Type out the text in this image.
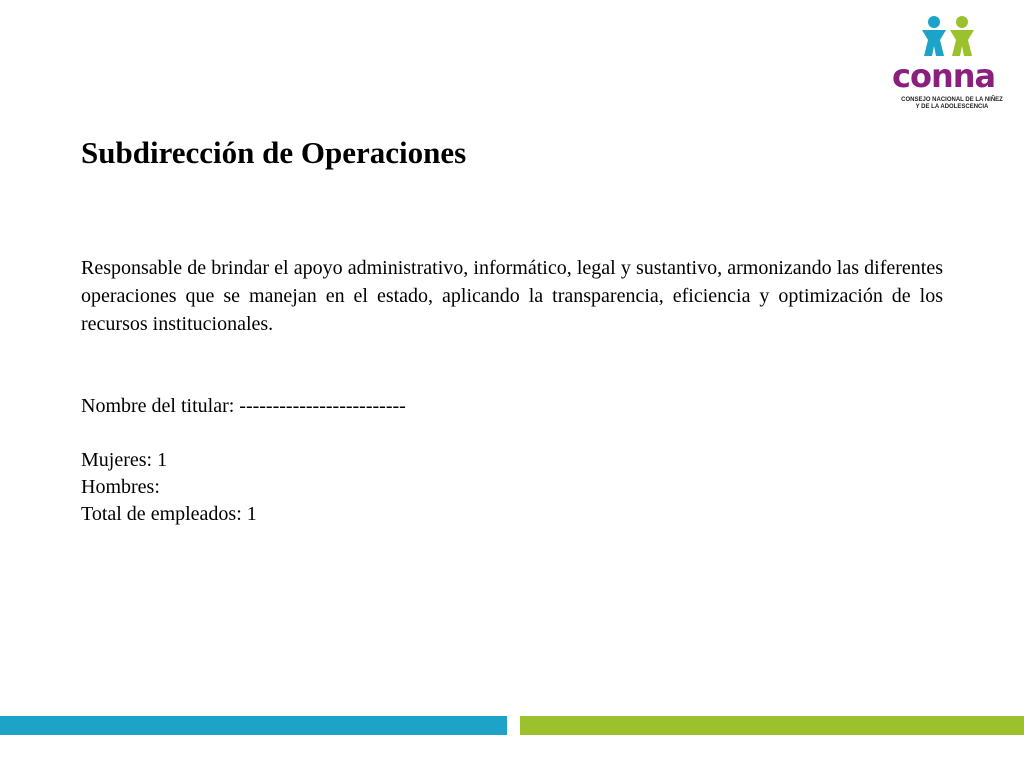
conna
CONSEJO NACIONAL DE LA NIÑEZ
Y DE LA ADOLESCENCIA
Subdirección de Operaciones

Responsable de brindar el apoyo administrativo, informático, legal y sustantivo, armonizando las diferentes operaciones que se manejan en el estado, aplicando la transparencia, eficiencia y optimización de los recursos institucionales.

Nombre del titular: -------------------------
Mujeres: 1
Hombres:
Total de empleados: 1
